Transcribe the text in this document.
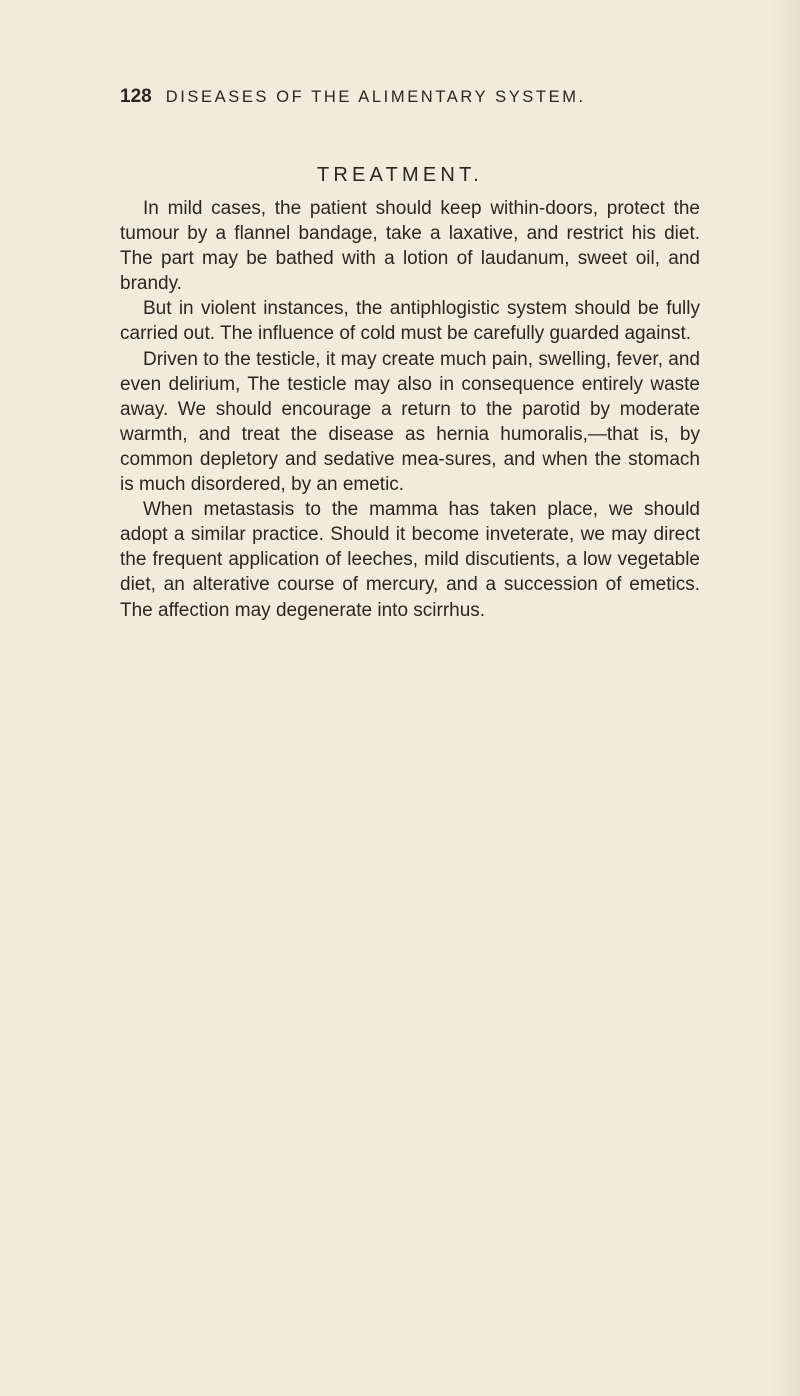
128 DISEASES OF THE ALIMENTARY SYSTEM.
TREATMENT.

In mild cases, the patient should keep within-doors, protect the tumour by a flannel bandage, take a laxative, and restrict his diet. The part may be bathed with a lotion of laudanum, sweet oil, and brandy.

But in violent instances, the antiphlogistic system should be fully carried out. The influence of cold must be carefully guarded against.

Driven to the testicle, it may create much pain, swelling, fever, and even delirium, The testicle may also in consequence entirely waste away. We should encourage a return to the parotid by moderate warmth, and treat the disease as hernia humoralis,—that is, by common depletory and sedative mea-sures, and when the stomach is much disordered, by an emetic.

When metastasis to the mamma has taken place, we should adopt a similar practice. Should it become inveterate, we may direct the frequent application of leeches, mild discutients, a low vegetable diet, an alterative course of mercury, and a succession of emetics. The affection may degenerate into scirrhus.
